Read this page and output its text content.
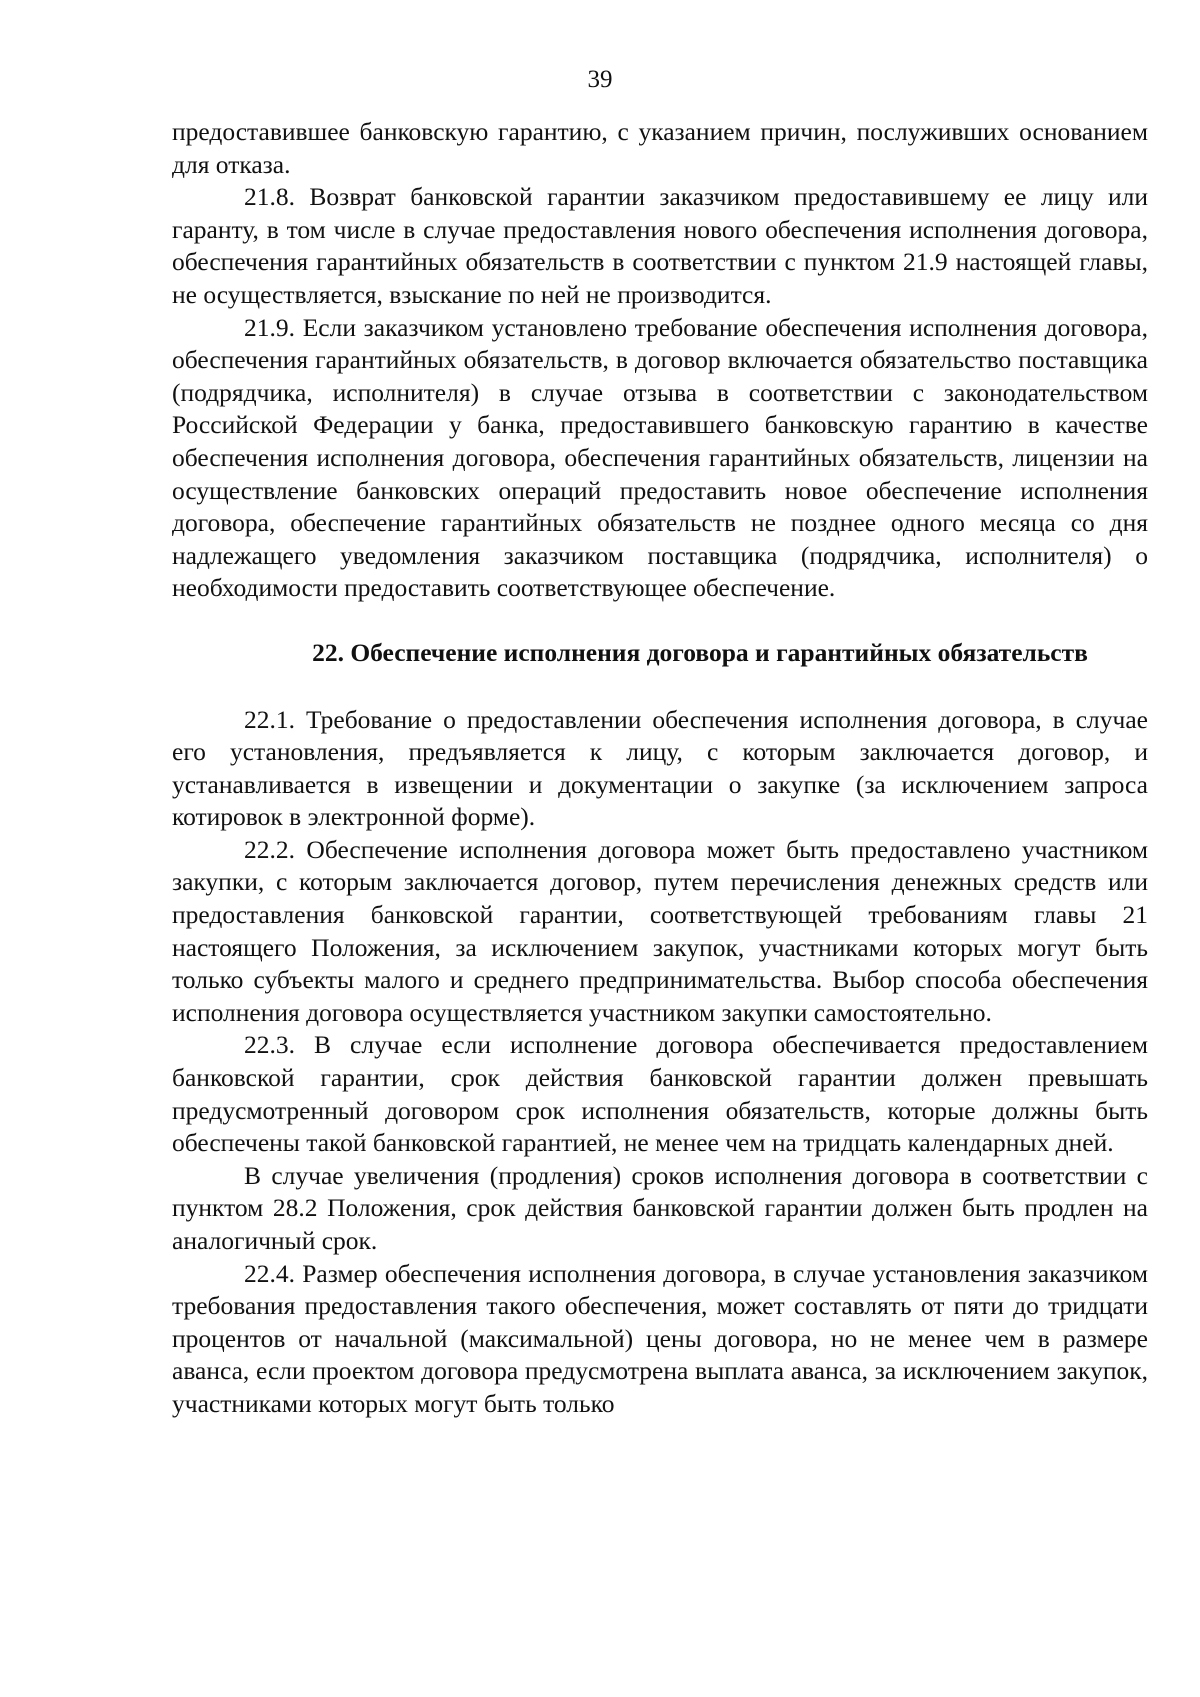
39

предоставившее банковскую гарантию, с указанием причин, послуживших основанием для отказа.

21.8. Возврат банковской гарантии заказчиком предоставившему ее лицу или гаранту, в том числе в случае предоставления нового обеспечения исполнения договора, обеспечения гарантийных обязательств в соответствии с пунктом 21.9 настоящей главы, не осуществляется, взыскание по ней не производится.

21.9. Если заказчиком установлено требование обеспечения исполнения договора, обеспечения гарантийных обязательств, в договор включается обязательство поставщика (подрядчика, исполнителя) в случае отзыва в соответствии с законодательством Российской Федерации у банка, предоставившего банковскую гарантию в качестве обеспечения исполнения договора, обеспечения гарантийных обязательств, лицензии на осуществление банковских операций предоставить новое обеспечение исполнения договора, обеспечение гарантийных обязательств не позднее одного месяца со дня надлежащего уведомления заказчиком поставщика (подрядчика, исполнителя) о необходимости предоставить соответствующее обеспечение.

22. Обеспечение исполнения договора и гарантийных обязательств

22.1. Требование о предоставлении обеспечения исполнения договора, в случае его установления, предъявляется к лицу, с которым заключается договор, и устанавливается в извещении и документации о закупке (за исключением запроса котировок в электронной форме).

22.2. Обеспечение исполнения договора может быть предоставлено участником закупки, с которым заключается договор, путем перечисления денежных средств или предоставления банковской гарантии, соответствующей требованиям главы 21 настоящего Положения, за исключением закупок, участниками которых могут быть только субъекты малого и среднего предпринимательства. Выбор способа обеспечения исполнения договора осуществляется участником закупки самостоятельно.

22.3. В случае если исполнение договора обеспечивается предоставлением банковской гарантии, срок действия банковской гарантии должен превышать предусмотренный договором срок исполнения обязательств, которые должны быть обеспечены такой банковской гарантией, не менее чем на тридцать календарных дней.

В случае увеличения (продления) сроков исполнения договора в соответствии с пунктом 28.2 Положения, срок действия банковской гарантии должен быть продлен на аналогичный срок.

22.4. Размер обеспечения исполнения договора, в случае установления заказчиком требования предоставления такого обеспечения, может составлять от пяти до тридцати процентов от начальной (максимальной) цены договора, но не менее чем в размере аванса, если проектом договора предусмотрена выплата аванса, за исключением закупок, участниками которых могут быть только
